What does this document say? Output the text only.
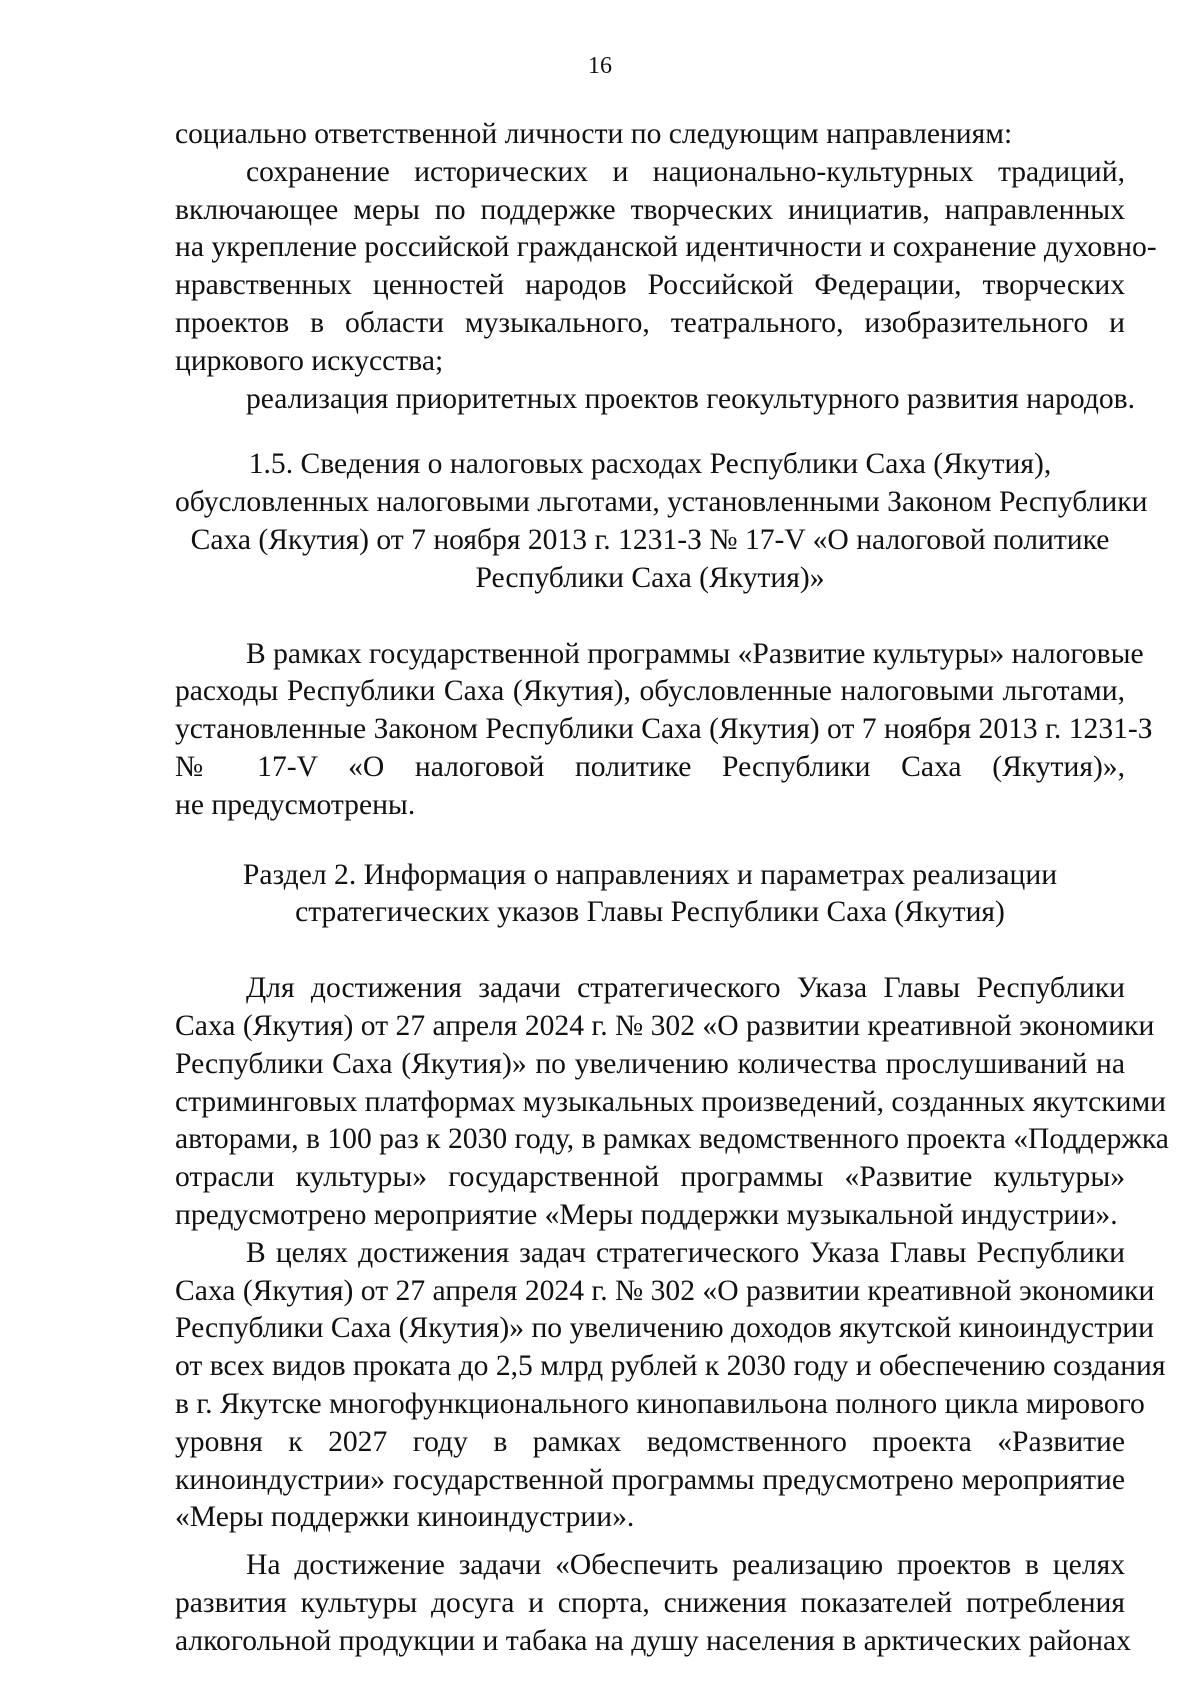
16
социально ответственной личности по следующим направлениям:
сохранение исторических и национально-культурных традиций,
включающее меры по поддержке творческих инициатив, направленных
на укрепление российской гражданской идентичности и сохранение духовно-
нравственных ценностей народов Российской Федерации, творческих
проектов в области музыкального, театрального, изобразительного и
циркового искусства;
реализация приоритетных проектов геокультурного развития народов.
1.5. Сведения о налоговых расходах Республики Саха (Якутия),
обусловленных налоговыми льготами, установленными Законом Республики
Саха (Якутия) от 7 ноября 2013 г. 1231-З № 17-V «О налоговой политике
Республики Саха (Якутия)»
В рамках государственной программы «Развитие культуры» налоговые
расходы Республики Саха (Якутия), обусловленные налоговыми льготами,
установленные Законом Республики Саха (Якутия) от 7 ноября 2013 г. 1231-З
№ 17-V «О налоговой политике Республики Саха (Якутия)»,
не предусмотрены.
Раздел 2. Информация о направлениях и параметрах реализации
стратегических указов Главы Республики Саха (Якутия)
Для достижения задачи стратегического Указа Главы Республики
Саха (Якутия) от 27 апреля 2024 г. № 302 «О развитии креативной экономики
Республики Саха (Якутия)» по увеличению количества прослушиваний на
стриминговых платформах музыкальных произведений, созданных якутскими
авторами, в 100 раз к 2030 году, в рамках ведомственного проекта «Поддержка
отрасли культуры» государственной программы «Развитие культуры»
предусмотрено мероприятие «Меры поддержки музыкальной индустрии».
В целях достижения задач стратегического Указа Главы Республики
Саха (Якутия) от 27 апреля 2024 г. № 302 «О развитии креативной экономики
Республики Саха (Якутия)» по увеличению доходов якутской киноиндустрии
от всех видов проката до 2,5 млрд рублей к 2030 году и обеспечению создания
в г. Якутске многофункционального кинопавильона полного цикла мирового
уровня к 2027 году в рамках ведомственного проекта «Развитие
киноиндустрии» государственной программы предусмотрено мероприятие
«Меры поддержки киноиндустрии».
На достижение задачи «Обеспечить реализацию проектов в целях
развития культуры досуга и спорта, снижения показателей потребления
алкогольной продукции и табака на душу населения в арктических районах
